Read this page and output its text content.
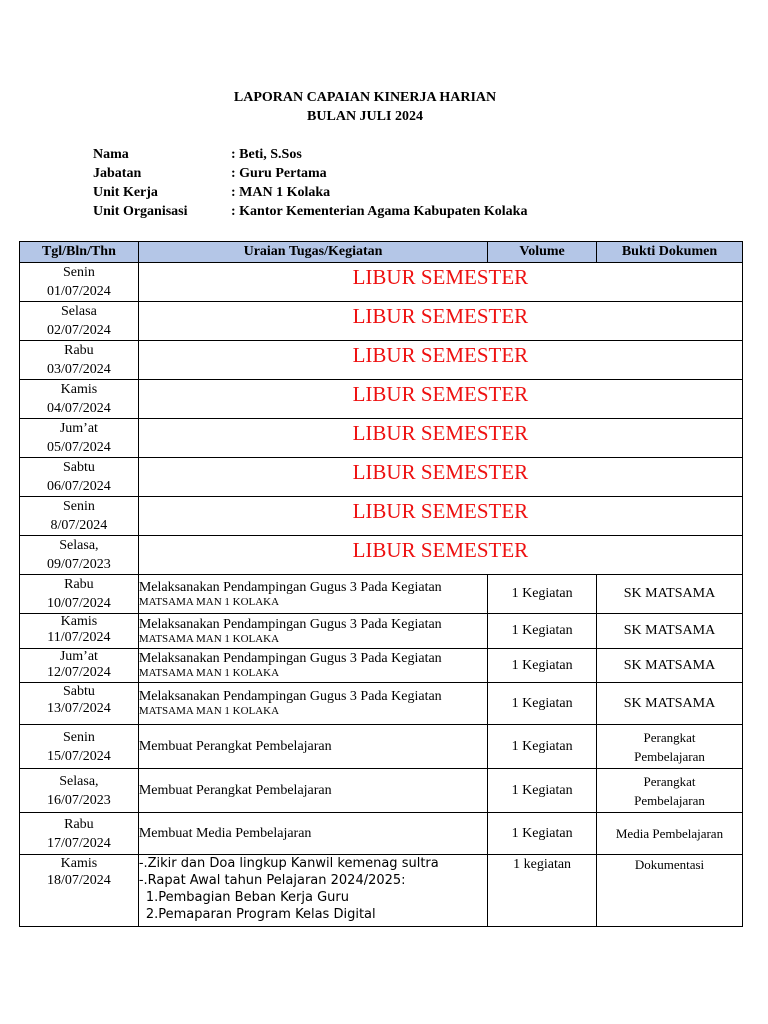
LAPORAN CAPAIAN KINERJA HARIAN
BULAN JULI 2024
Nama	: Beti, S.Sos
Jabatan	: Guru Pertama
Unit Kerja	: MAN 1 Kolaka
Unit Organisasi	: Kantor Kementerian Agama Kabupaten Kolaka
Tgl/Bln/Thn	Uraian Tugas/Kegiatan	Volume	Bukti Dokumen

Senin
01/07/2024	LIBUR SEMESTER		

Selasa
02/07/2024	LIBUR SEMESTER		

Rabu
03/07/2024	LIBUR SEMESTER		

Kamis
04/07/2024	LIBUR SEMESTER		

Jum’at
05/07/2024	LIBUR SEMESTER		

Sabtu
06/07/2024	LIBUR SEMESTER		

Senin
8/07/2024	LIBUR SEMESTER		

Selasa,
09/07/2023	LIBUR SEMESTER		

Rabu
10/07/2024	Melaksanakan Pendampingan Gugus 3 Pada Kegiatan
MATSAMA MAN 1 KOLAKA	1 Kegiatan	SK MATSAMA

Kamis
11/07/2024	Melaksanakan Pendampingan Gugus 3 Pada Kegiatan
MATSAMA MAN 1 KOLAKA	1 Kegiatan	SK MATSAMA

Jum’at
12/07/2024	Melaksanakan Pendampingan Gugus 3 Pada Kegiatan
MATSAMA MAN 1 KOLAKA	1 Kegiatan	SK MATSAMA

Sabtu
13/07/2024	Melaksanakan Pendampingan Gugus 3 Pada Kegiatan
MATSAMA MAN 1 KOLAKA	1 Kegiatan	SK MATSAMA

Senin
15/07/2024	Membuat Perangkat Pembelajaran	1 Kegiatan	Perangkat
Pembelajaran

Selasa,
16/07/2023	Membuat Perangkat Pembelajaran	1 Kegiatan	Perangkat
Pembelajaran

Rabu
17/07/2024	Membuat Media Pembelajaran	1 Kegiatan	Media Pembelajaran

Kamis
18/07/2024	-.Zikir dan Doa lingkup Kanwil kemenag sultra
-.Rapat Awal tahun Pelajaran 2024/2025:
1.Pembagian Beban Kerja Guru
2.Pemaparan Program Kelas Digital	1 kegiatan	Dokumentasi
